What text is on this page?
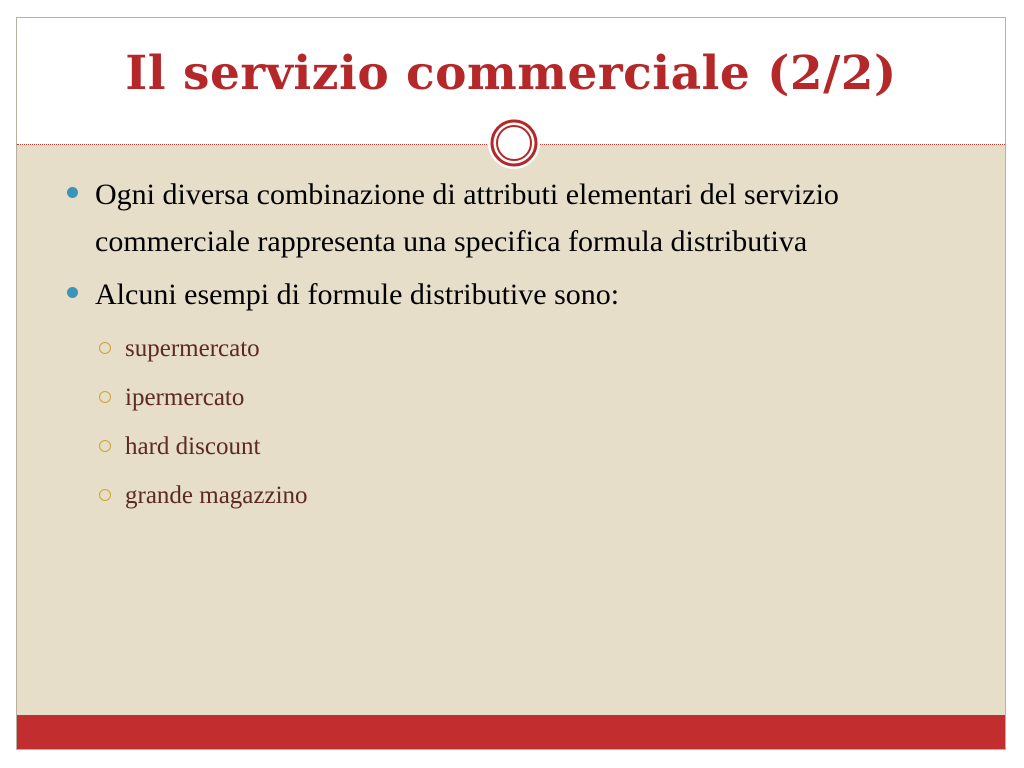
Il servizio commerciale (2/2)
Ogni diversa combinazione di attributi elementari del servizio commerciale rappresenta una specifica formula distributiva
Alcuni esempi di formule distributive sono:
supermercato
ipermercato
hard discount
grande magazzino
